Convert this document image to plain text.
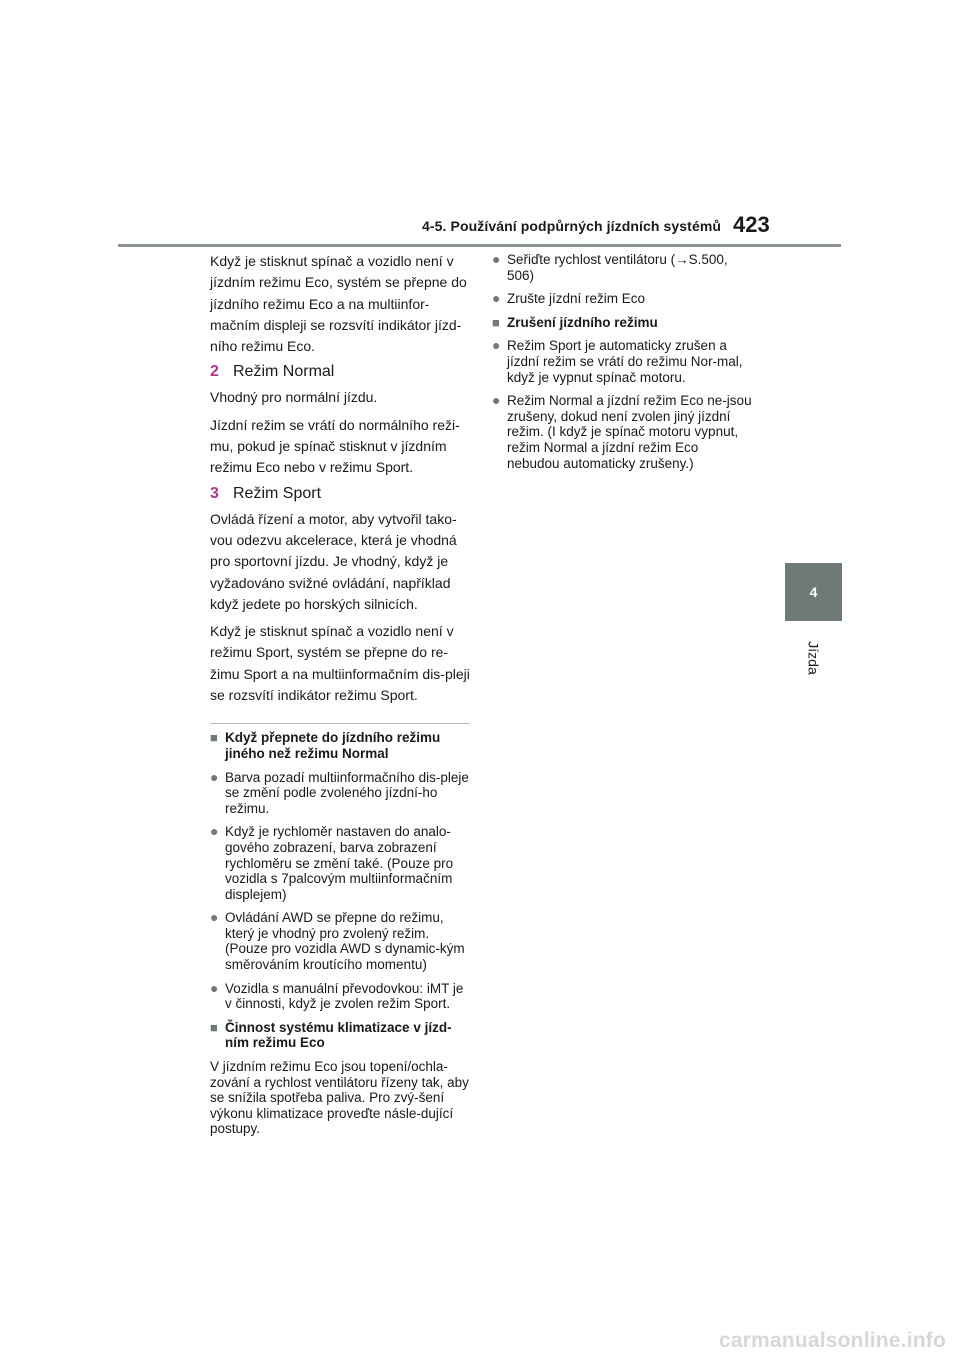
4-5. Používání podpůrných jízdních systémů 423
4
Jízda

Když je stisknut spínač a vozidlo není v jízdním režimu Eco, systém se přepne do jízdního režimu Eco a na multiinfor-mačním displeji se rozsvítí indikátor jízd-ního režimu Eco.

2 Režim Normal

Vhodný pro normální jízdu.

Jízdní režim se vrátí do normálního reži-mu, pokud je spínač stisknut v jízdním režimu Eco nebo v režimu Sport.

3 Režim Sport

Ovládá řízení a motor, aby vytvořil tako-vou odezvu akcelerace, která je vhodná pro sportovní jízdu. Je vhodný, když je vyžadováno svižné ovládání, například když jedete po horských silnicích.

Když je stisknut spínač a vozidlo není v režimu Sport, systém se přepne do re-žimu Sport a na multiinformačním dis-pleji se rozsvítí indikátor režimu Sport.

■ Když přepnete do jízdního režimu jiného než režimu Normal
● Barva pozadí multiinformačního dis-pleje se změní podle zvoleného jízdní-ho režimu.
● Když je rychloměr nastaven do analo-gového zobrazení, barva zobrazení rychloměru se změní také. (Pouze pro vozidla s 7palcovým multiinformačním displejem)
● Ovládání AWD se přepne do režimu, který je vhodný pro zvolený režim. (Pouze pro vozidla AWD s dynamic-kým směrováním kroutícího momentu)
● Vozidla s manuální převodovkou: iMT je v činnosti, když je zvolen režim Sport.
■ Činnost systému klimatizace v jízd-ním režimu Eco

V jízdním režimu Eco jsou topení/ochla-zování a rychlost ventilátoru řízeny tak, aby se snížila spotřeba paliva. Pro zvý-šení výkonu klimatizace proveďte násle-dující postupy.

● Seřiďte rychlost ventilátoru (→S.500, 506)
● Zrušte jízdní režim Eco
■ Zrušení jízdního režimu
● Režim Sport je automaticky zrušen a jízdní režim se vrátí do režimu Nor-mal, když je vypnut spínač motoru.
● Režim Normal a jízdní režim Eco ne-jsou zrušeny, dokud není zvolen jiný jízdní režim. (I když je spínač motoru vypnut, režim Normal a jízdní režim Eco nebudou automaticky zrušeny.)
carmanualsonline.info
